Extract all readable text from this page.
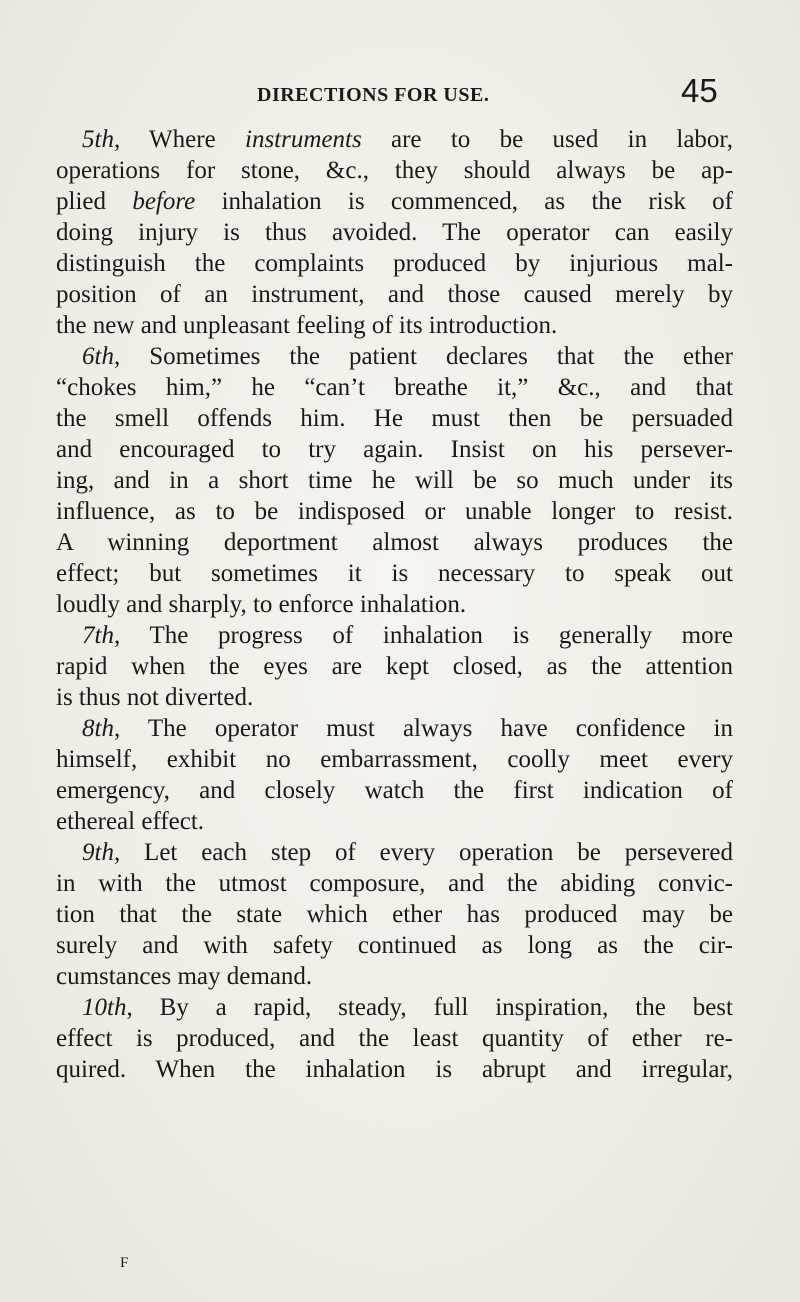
DIRECTIONS FOR USE.	45
5th, Where instruments are to be used in labor,
operations for stone, &c., they should always be ap-
plied before inhalation is commenced, as the risk of
doing injury is thus avoided. The operator can easily
distinguish the complaints produced by injurious mal-
position of an instrument, and those caused merely by
the new and unpleasant feeling of its introduction.
6th, Sometimes the patient declares that the ether
“chokes him,” he “can’t breathe it,” &c., and that
the smell offends him. He must then be persuaded
and encouraged to try again. Insist on his persever-
ing, and in a short time he will be so much under its
influence, as to be indisposed or unable longer to resist.
A winning deportment almost always produces the
effect; but sometimes it is necessary to speak out
loudly and sharply, to enforce inhalation.
7th, The progress of inhalation is generally more
rapid when the eyes are kept closed, as the attention
is thus not diverted.
8th, The operator must always have confidence in
himself, exhibit no embarrassment, coolly meet every
emergency, and closely watch the first indication of
ethereal effect.
9th, Let each step of every operation be persevered
in with the utmost composure, and the abiding convic-
tion that the state which ether has produced may be
surely and with safety continued as long as the cir-
cumstances may demand.
10th, By a rapid, steady, full inspiration, the best
effect is produced, and the least quantity of ether re-
quired. When the inhalation is abrupt and irregular,
F
